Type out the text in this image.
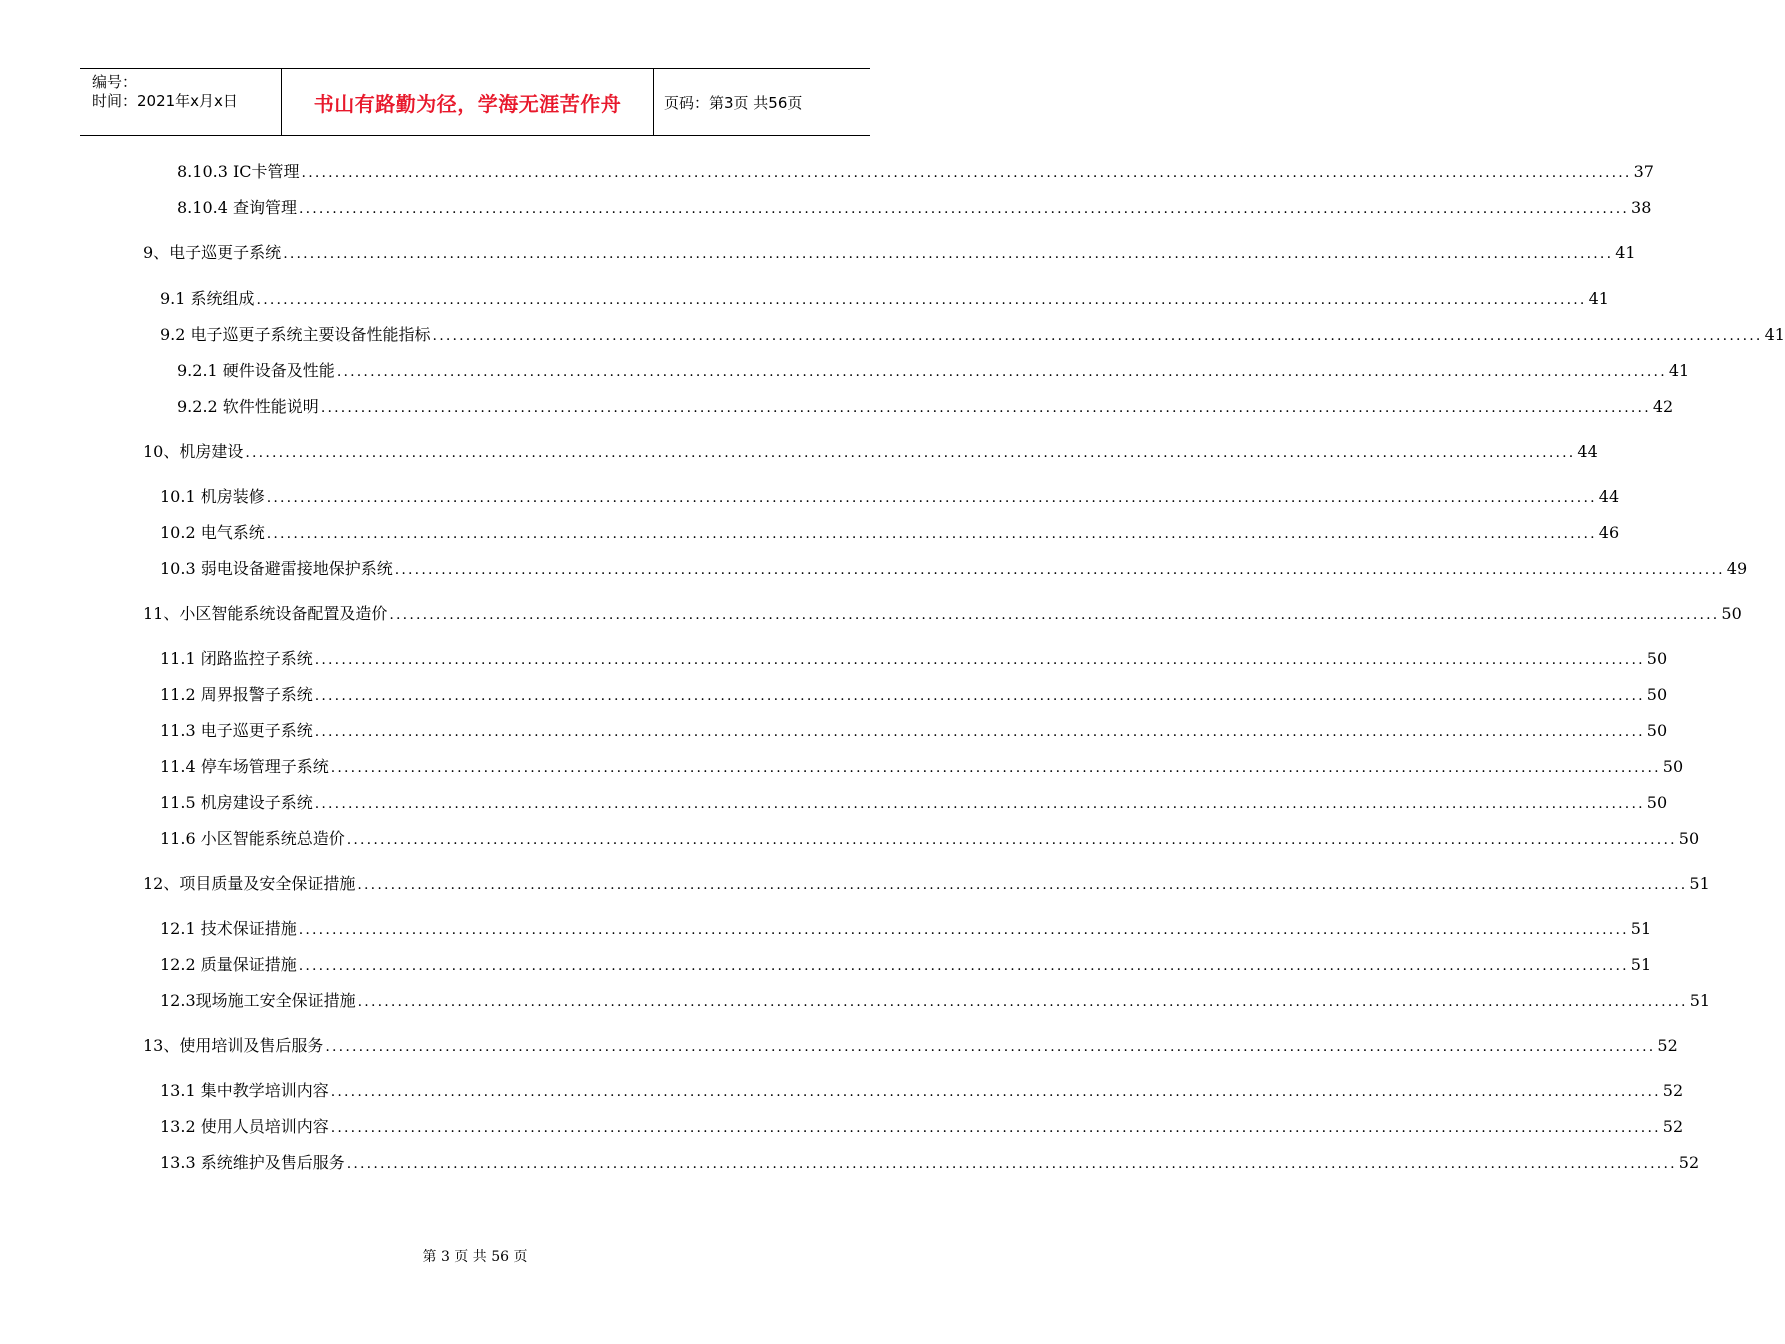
编号：
时间：2021年x月x日	书山有路勤为径，学海无涯苦作舟	页码：第3页 共56页
8.10.3 IC卡管理 ........................................................................................................................................................................................................ 37
8.10.4 查询管理 ........................................................................................................................................................................................................ 38
9、电子巡更子系统 ........................................................................................................................................................................................................ 41
9.1 系统组成 ........................................................................................................................................................................................................ 41
9.2 电子巡更子系统主要设备性能指标 ........................................................................................................................................................................................................ 41
9.2.1 硬件设备及性能 ........................................................................................................................................................................................................ 41
9.2.2 软件性能说明 ........................................................................................................................................................................................................ 42
10、机房建设 ........................................................................................................................................................................................................ 44
10.1 机房装修 ........................................................................................................................................................................................................ 44
10.2 电气系统 ........................................................................................................................................................................................................ 46
10.3 弱电设备避雷接地保护系统 ........................................................................................................................................................................................................ 49
11、小区智能系统设备配置及造价 ........................................................................................................................................................................................................ 50
11.1 闭路监控子系统 ........................................................................................................................................................................................................ 50
11.2 周界报警子系统 ........................................................................................................................................................................................................ 50
11.3 电子巡更子系统 ........................................................................................................................................................................................................ 50
11.4 停车场管理子系统 ........................................................................................................................................................................................................ 50
11.5 机房建设子系统 ........................................................................................................................................................................................................ 50
11.6 小区智能系统总造价 ........................................................................................................................................................................................................ 50
12、项目质量及安全保证措施 ........................................................................................................................................................................................................ 51
12.1 技术保证措施 ........................................................................................................................................................................................................ 51
12.2 质量保证措施 ........................................................................................................................................................................................................ 51
12.3现场施工安全保证措施 ........................................................................................................................................................................................................ 51
13、使用培训及售后服务 ........................................................................................................................................................................................................ 52
13.1 集中教学培训内容 ........................................................................................................................................................................................................ 52
13.2 使用人员培训内容 ........................................................................................................................................................................................................ 52
13.3 系统维护及售后服务 ........................................................................................................................................................................................................ 52
第 3 页 共 56 页
